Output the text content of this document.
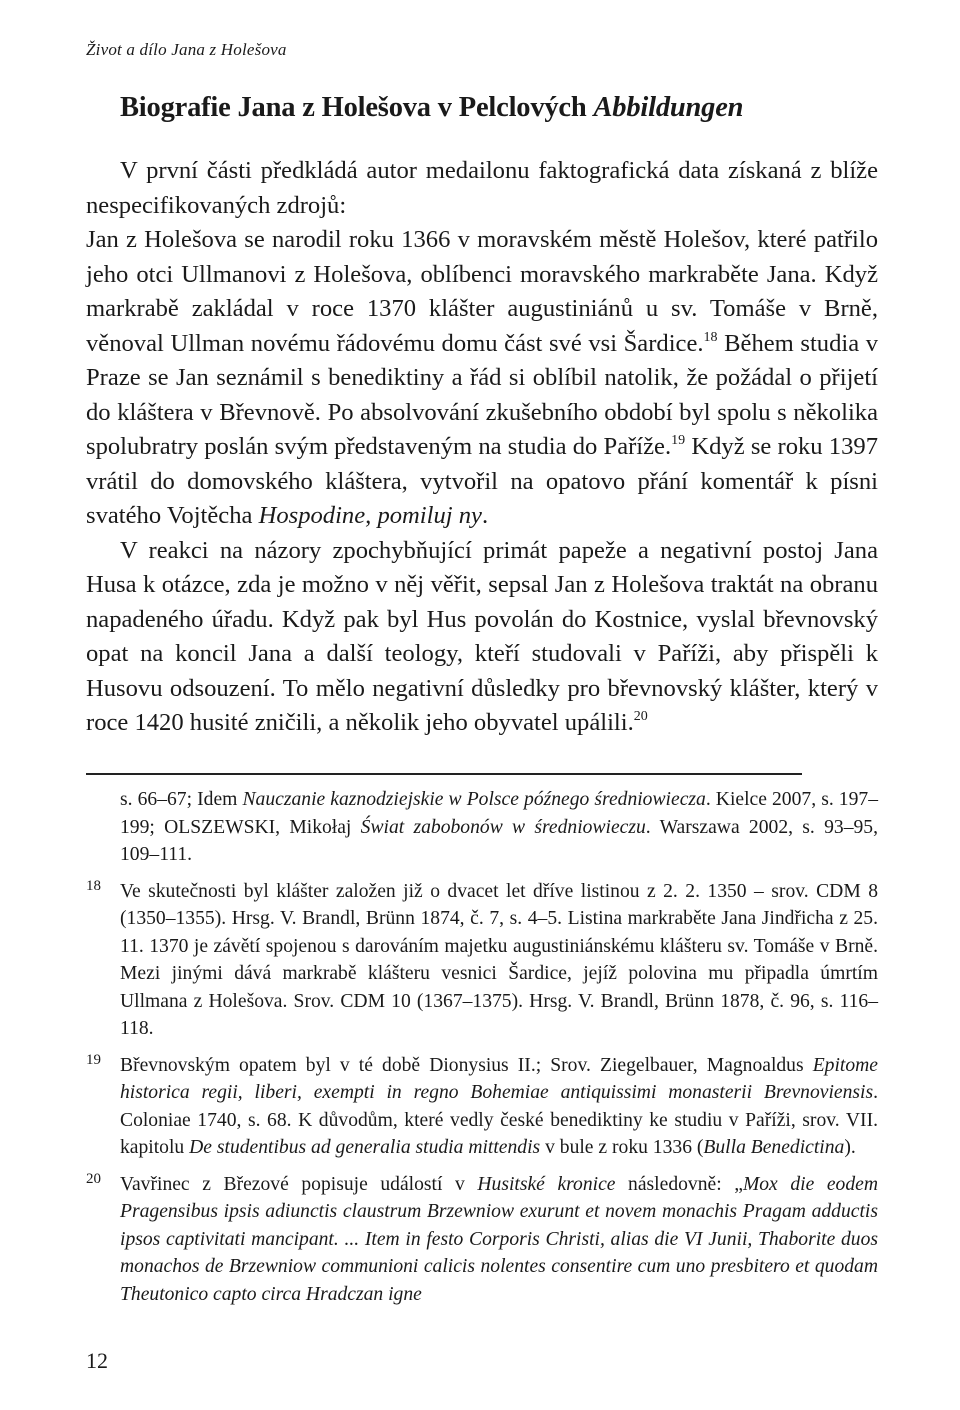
Život a dílo Jana z Holešova
Biografie Jana z Holešova v Pelclových Abbildungen

V první části předkládá autor medailonu faktografická data získaná z blíže nespecifikovaných zdrojů:

Jan z Holešova se narodil roku 1366 v moravském městě Holešov, které patřilo jeho otci Ullmanovi z Holešova, oblíbenci moravského markraběte Jana. Když markrabě zakládal v roce 1370 klášter augustiniánů u sv. Tomáše v Brně, věnoval Ullman novému řádovému domu část své vsi Šardice.$^{18}$ Během studia v Praze se Jan seznámil s benediktiny a řád si oblíbil natolik, že požádal o přijetí do kláštera v Břevnově. Po absolvování zkušebního období byl spolu s několika spolubratry poslán svým představeným na studia do Paříže.$^{19}$ Když se roku 1397 vrátil do domovského kláštera, vytvořil na opatovo přání komentář k písni svatého Vojtěcha Hospodine, pomiluj ny.

V reakci na názory zpochybňující primát papeže a negativní postoj Jana Husa k otázce, zda je možno v něj věřit, sepsal Jan z Holešova traktát na obranu napadeného úřadu. Když pak byl Hus povolán do Kostnice, vyslal břevnovský opat na koncil Jana a další teology, kteří studovali v Paříži, aby přispěli k Husovu odsouzení. To mělo negativní důsledky pro břevnovský klášter, který v roce 1420 husité zničili, a několik jeho obyvatel upálili.$^{20}$

s. 66–67; Idem Nauczanie kaznodziejskie w Polsce późnego średniowiecza. Kielce 2007, s. 197–199; OLSZEWSKI, Mikołaj Świat zabobonów w średniowieczu. Warszawa 2002, s. 93–95, 109–111.
18 Ve skutečnosti byl klášter založen již o dvacet let dříve listinou z 2. 2. 1350 – srov. CDM 8 (1350–1355). Hrsg. V. Brandl, Brünn 1874, č. 7, s. 4–5. Listina markraběte Jana Jindřicha z 25. 11. 1370 je závětí spojenou s darováním majetku augustiniánskému klášteru sv. Tomáše v Brně. Mezi jinými dává markrabě klášteru vesnici Šardice, jejíž polovina mu připadla úmrtím Ullmana z Holešova. Srov. CDM 10 (1367–1375). Hrsg. V. Brandl, Brünn 1878, č. 96, s. 116–118.
19 Břevnovským opatem byl v té době Dionysius II.; Srov. Ziegelbauer, Magnoaldus Epitome historica regii, liberi, exempti in regno Bohemiae antiquissimi monasterii Brevnoviensis. Coloniae 1740, s. 68. K důvodům, které vedly české benediktiny ke studiu v Paříži, srov. VII. kapitolu De studentibus ad generalia studia mittendis v bule z roku 1336 (Bulla Benedictina).
20 Vavřinec z Březové popisuje událostí v Husitské kronice následovně: „Mox die eodem Pragensibus ipsis adiunctis claustrum Brzewniow exurunt et novem monachis Pragam adductis ipsos captivitati mancipant. ... Item in festo Corporis Christi, alias die VI Junii, Thaborite duos monachos de Brzewniow communioni calicis nolentes consentire cum uno presbitero et quodam Theutonico capto circa Hradczan igne
12
